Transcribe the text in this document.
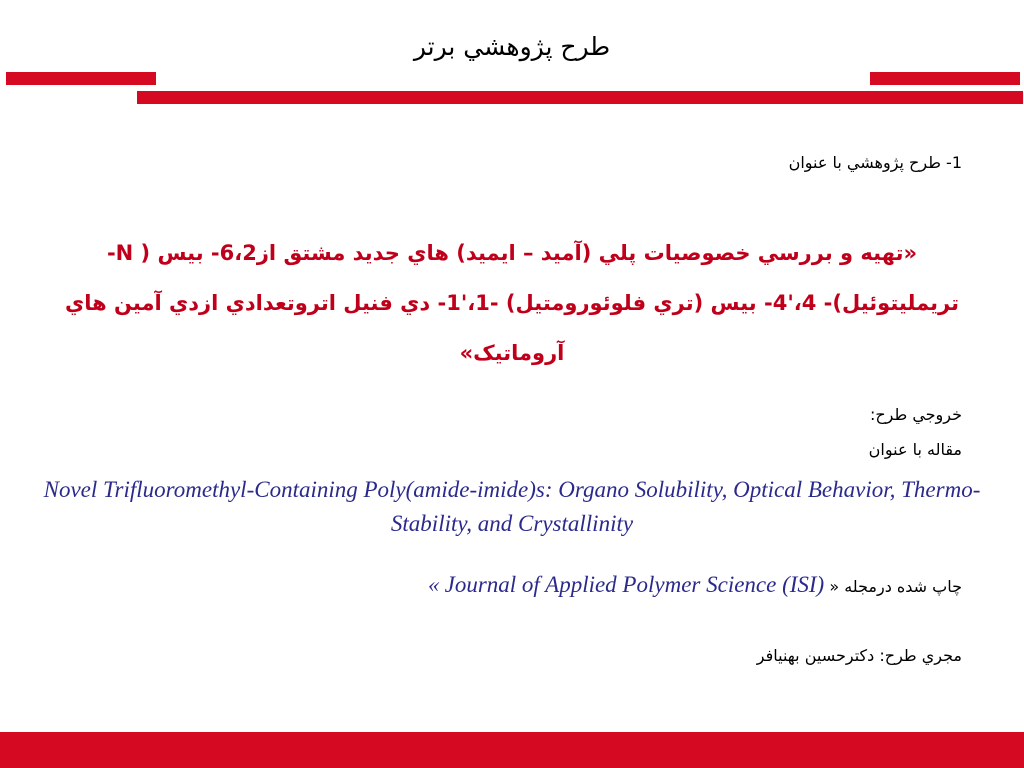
طرح پژوهشي برتر
1- طرح پژوهشي با عنوان
«تهيه و بررسي خصوصيات پلي (آميد – ايميد) هاي جديد مشتق از6،2- بيس ( N- تريمليتوئيل)- 4،'4- بيس (تري فلوئورومتيل) -1،'1- دي فنيل اتروتعدادي ازدي آمين هاي آروماتيک»
خروجي طرح:
مقاله با عنوان
Novel Trifluoromethyl-Containing Poly(amide-imide)s: Organo Solubility, Optical Behavior, Thermo-Stability, and Crystallinity
چاپ شده درمجله « Journal of Applied Polymer Science (ISI) »
مجري طرح: دكترحسين بهنيافر
